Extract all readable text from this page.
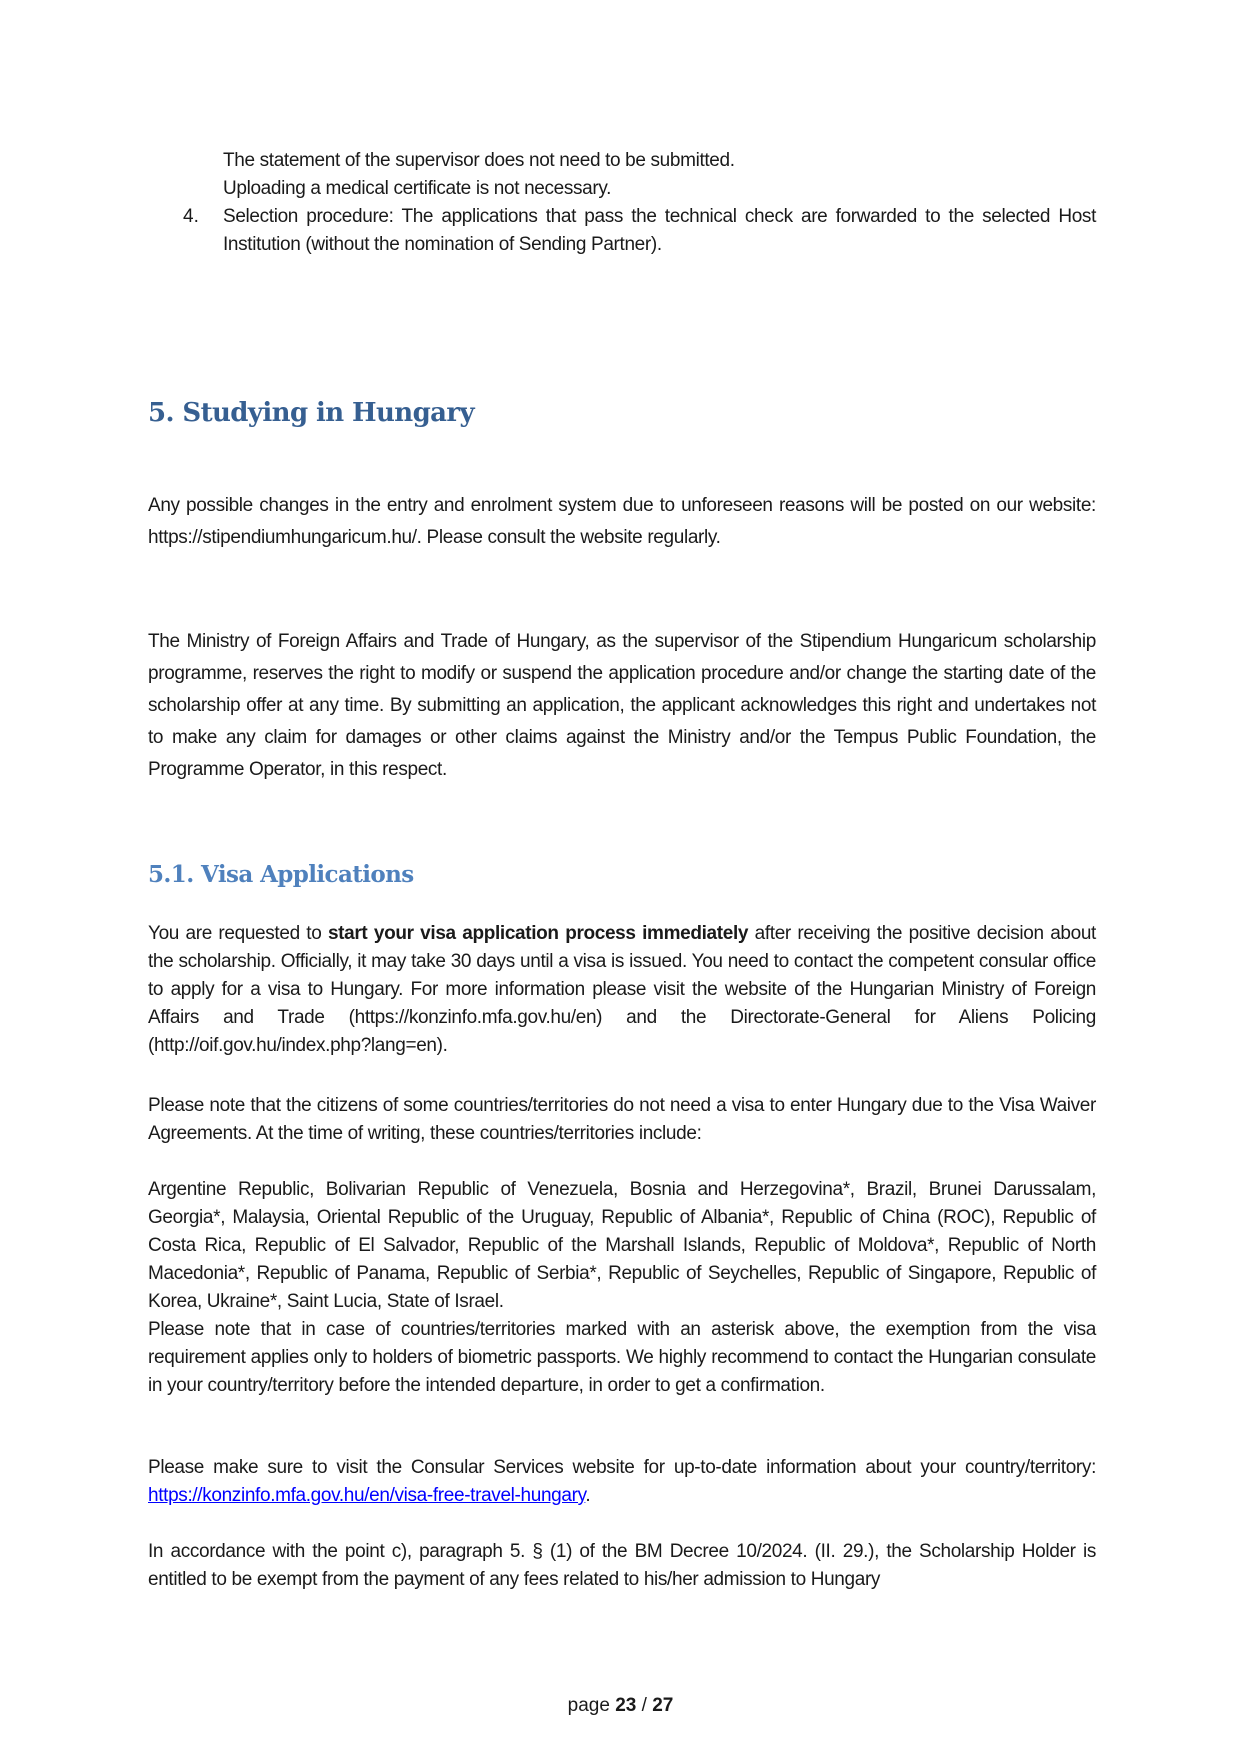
The statement of the supervisor does not need to be submitted.
Uploading a medical certificate is not necessary.
4. Selection procedure: The applications that pass the technical check are forwarded to the selected Host Institution (without the nomination of Sending Partner).
5. Studying in Hungary
Any possible changes in the entry and enrolment system due to unforeseen reasons will be posted on our website: https://stipendiumhungaricum.hu/. Please consult the website regularly.
The Ministry of Foreign Affairs and Trade of Hungary, as the supervisor of the Stipendium Hungaricum scholarship programme, reserves the right to modify or suspend the application procedure and/or change the starting date of the scholarship offer at any time. By submitting an application, the applicant acknowledges this right and undertakes not to make any claim for damages or other claims against the Ministry and/or the Tempus Public Foundation, the Programme Operator, in this respect.
5.1. Visa Applications
You are requested to start your visa application process immediately after receiving the positive decision about the scholarship. Officially, it may take 30 days until a visa is issued. You need to contact the competent consular office to apply for a visa to Hungary. For more information please visit the website of the Hungarian Ministry of Foreign Affairs and Trade (https://konzinfo.mfa.gov.hu/en) and the Directorate-General for Aliens Policing (http://oif.gov.hu/index.php?lang=en).
Please note that the citizens of some countries/territories do not need a visa to enter Hungary due to the Visa Waiver Agreements. At the time of writing, these countries/territories include:
Argentine Republic, Bolivarian Republic of Venezuela, Bosnia and Herzegovina*, Brazil, Brunei Darussalam, Georgia*, Malaysia, Oriental Republic of the Uruguay, Republic of Albania*, Republic of China (ROC), Republic of Costa Rica, Republic of El Salvador, Republic of the Marshall Islands, Republic of Moldova*, Republic of North Macedonia*, Republic of Panama, Republic of Serbia*, Republic of Seychelles, Republic of Singapore, Republic of Korea, Ukraine*, Saint Lucia, State of Israel.
Please note that in case of countries/territories marked with an asterisk above, the exemption from the visa requirement applies only to holders of biometric passports. We highly recommend to contact the Hungarian consulate in your country/territory before the intended departure, in order to get a confirmation.
Please make sure to visit the Consular Services website for up-to-date information about your country/territory: https://konzinfo.mfa.gov.hu/en/visa-free-travel-hungary.
In accordance with the point c), paragraph 5. § (1) of the BM Decree 10/2024. (II. 29.), the Scholarship Holder is entitled to be exempt from the payment of any fees related to his/her admission to Hungary
page 23 / 27
